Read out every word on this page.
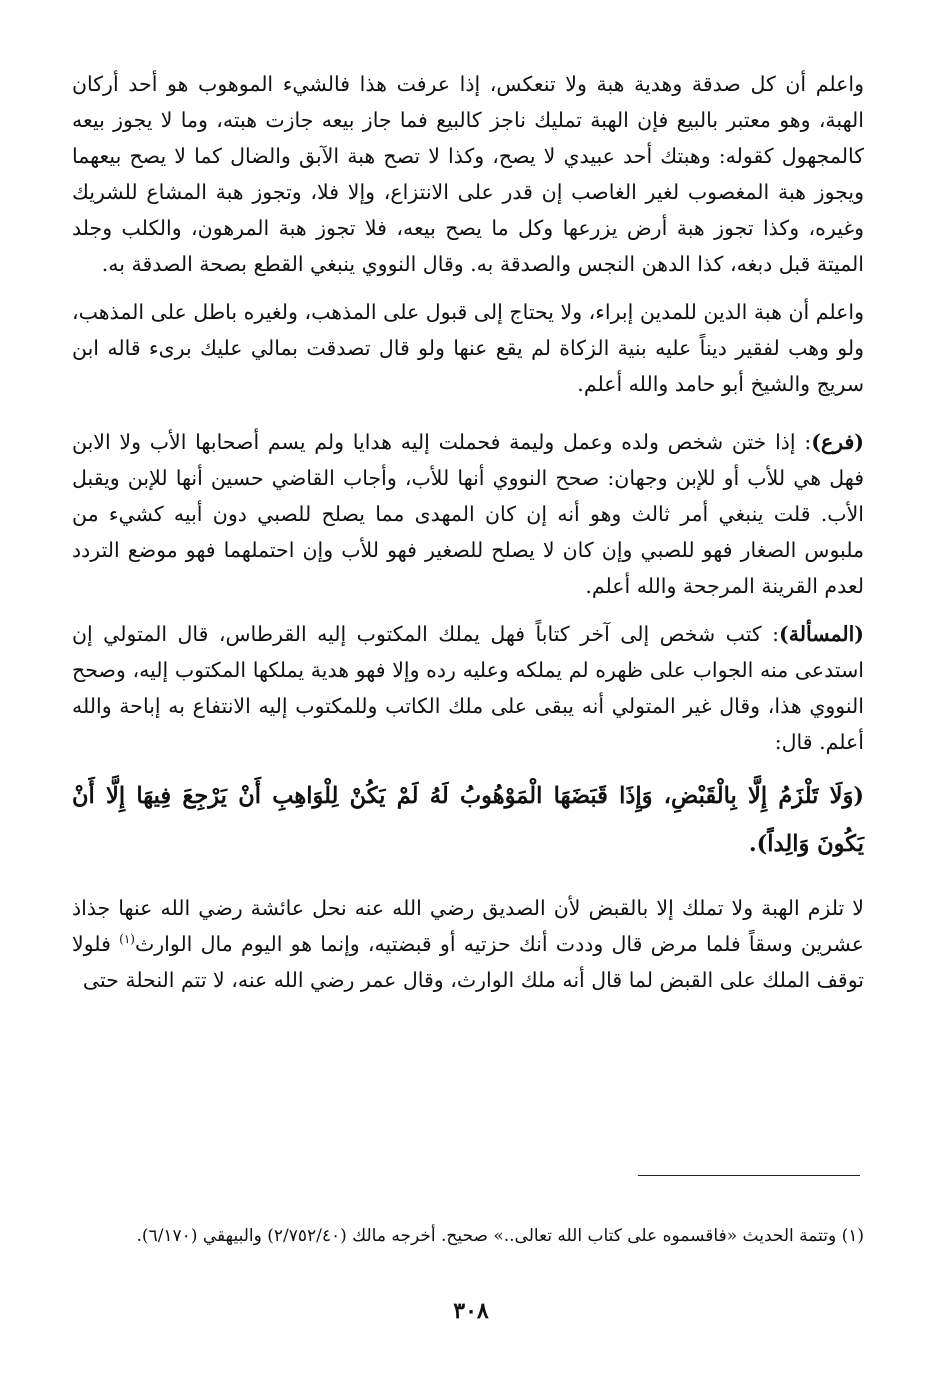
واعلم أن كل صدقة وهدية هبة ولا تنعكس، إذا عرفت هذا فالشيء الموهوب هو أحد أركان الهبة، وهو معتبر بالبيع فإن الهبة تمليك ناجز كالبيع فما جاز بيعه جازت هبته، وما لا يجوز بيعه كالمجهول كقوله: وهبتك أحد عبيدي لا يصح، وكذا لا تصح هبة الآبق والضال كما لا يصح بيعهما ويجوز هبة المغصوب لغير الغاصب إن قدر على الانتزاع، وإلا فلا، وتجوز هبة المشاع للشريك وغيره، وكذا تجوز هبة أرض يزرعها وكل ما يصح بيعه، فلا تجوز هبة المرهون، والكلب وجلد الميتة قبل دبغه، كذا الدهن النجس والصدقة به. وقال النووي ينبغي القطع بصحة الصدقة به.

واعلم أن هبة الدين للمدين إبراء، ولا يحتاج إلى قبول على المذهب، ولغيره باطل على المذهب، ولو وهب لفقير ديناً عليه بنية الزكاة لم يقع عنها ولو قال تصدقت بمالي عليك برىء قاله ابن سريج والشيخ أبو حامد والله أعلم.

(فرع): إذا ختن شخص ولده وعمل وليمة فحملت إليه هدايا ولم يسم أصحابها الأب ولا الابن فهل هي للأب أو للإبن وجهان: صحح النووي أنها للأب، وأجاب القاضي حسين أنها للإبن ويقبل الأب. قلت ينبغي أمر ثالث وهو أنه إن كان المهدى مما يصلح للصبي دون أبيه كشيء من ملبوس الصغار فهو للصبي وإن كان لا يصلح للصغير فهو للأب وإن احتملهما فهو موضع التردد لعدم القرينة المرجحة والله أعلم.

(المسألة): كتب شخص إلى آخر كتاباً فهل يملك المكتوب إليه القرطاس، قال المتولي إن استدعى منه الجواب على ظهره لم يملكه وعليه رده وإلا فهو هدية يملكها المكتوب إليه، وصحح النووي هذا، وقال غير المتولي أنه يبقى على ملك الكاتب وللمكتوب إليه الانتفاع به إباحة والله أعلم. قال:

(وَلَا تَلْزَمُ إِلَّا بِالْقَبْضِ، وَإِذَا قَبَضَهَا الْمَوْهُوبُ لَهُ لَمْ يَكُنْ لِلْوَاهِبِ أَنْ يَرْجِعَ فِيهَا إِلَّا أَنْ يَكُونَ وَالِداً).

لا تلزم الهبة ولا تملك إلا بالقبض لأن الصديق رضي الله عنه نحل عائشة رضي الله عنها جذاذ عشرين وسقاً فلما مرض قال وددت أنك حزتيه أو قبضتيه، وإنما هو اليوم مال الوارث$^{(١)}$ فلولا توقف الملك على القبض لما قال أنه ملك الوارث، وقال عمر رضي الله عنه، لا تتم النحلة حتى

(١) وتتمة الحديث «فاقسموه على كتاب الله تعالى..» صحيح. أخرجه مالك (٢/٧٥٢/٤٠) والبيهقي (٦/١٧٠).

٣٠٨
